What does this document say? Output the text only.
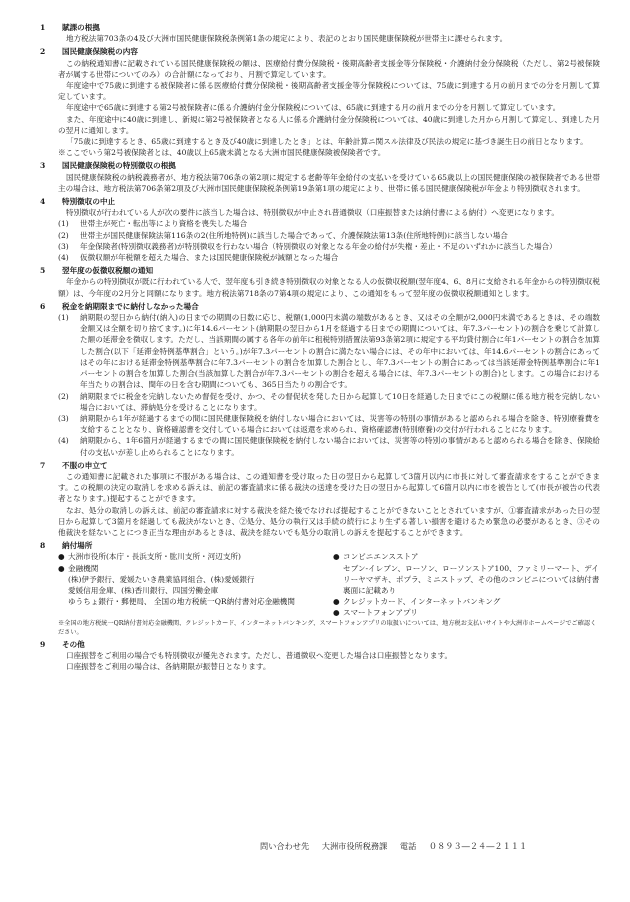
1	賦課の根拠
地方税法第703条の4及び大洲市国民健康保険税条例第1条の規定により、表記のとおり国民健康保険税が世帯主に課せられます。
2	国民健康保険税の内容
この納税通知書に記載されている国民健康保険税の額は、医療給付費分保険税・後期高齢者支援金等分保険税・介護納付金分保険税（ただし、第2号被保険者が属する世帯についてのみ）の合計額になっており、月割で算定しています。
年度途中で75歳に到達する被保険者に係る医療給付費分保険税・後期高齢者支援金等分保険税については、75歳に到達する月の前月までの分を月割して算定しています。
年度途中で65歳に到達する第2号被保険者に係る介護納付金分保険税については、65歳に到達する月の前月までの分を月割して算定しています。
また、年度途中に40歳に到達し、新規に第2号被保険者となる人に係る介護納付金分保険税については、40歳に到達した月から月割して算定し、到達した月の翌月に通知します。
「75歳に到達するとき、65歳に到達するとき及び40歳に到達したとき」とは、年齢計算ニ関スル法律及び民法の規定に基づき誕生日の前日となります。
※ここでいう第2号被保険者とは、40歳以上65歳未満となる大洲市国民健康保険被保険者です。
3	国民健康保険税の特別徴収の根拠
国民健康保険税の納税義務者が、地方税法第706条の第2項に規定する老齢等年金給付の支払いを受けている65歳以上の国民健康保険の被保険者である世帯主の場合は、地方税法第706条第2項及び大洲市国民健康保険税条例第19条第1項の規定により、世帯に係る国民健康保険税が年金より特別徴収されます。
4	特別徴収の中止
特別徴収が行われている人が次の要件に該当した場合は、特別徴収が中止され普通徴収（口座振替または納付書による納付）へ変更になります。
(1)	世帯主が死亡・転出等により資格を喪失した場合
(2)	世帯主が国民健康保険法第116条の2(住所地特例)に該当した場合であって、介護保険法第13条(住所地特例)に該当しない場合
(3)	年金保険者(特別徴収義務者)が特別徴収を行わない場合（特別徴収の対象となる年金の給付が失権・差止・不足のいずれかに該当した場合）
(4)	仮徴収額が年税額を超えた場合、または国民健康保険税が減額となった場合
5	翌年度の仮徴収税額の通知
年金からの特別徴収が既に行われている人で、翌年度も引き続き特別徴収の対象となる人の仮徴収税額(翌年度4、6、8月に支給される年金からの特別徴収税額）は、今年度の2月分と同額になります。地方税法第718条の7第4項の規定により、この通知をもって翌年度の仮徴収税額通知とします。
6	税金を納期限までに納付しなかった場合
(1)	納期限の翌日から納付(納入)の日までの期間の日数に応じ、税額(1,000円未満の端数があるとき、又はその全額が2,000円未満であるときは、その端数金額又は全額を切り捨てます。)に年14.6パーセント(納期限の翌日から1月を経過する日までの期間については、年7.3パーセント)の割合を乗じて計算した額の延滞金を徴収します。ただし、当該期間の属する各年の前年に租税特別措置法第93条第2項に規定する平均貸付割合に年1パーセントの割合を加算した割合(以下「延滞金特例基準割合」という。)が年7.3パーセントの割合に満たない場合には、その年中においては、年14.6パーセントの割合にあってはその年における延滞金特例基準割合に年7.3パーセントの割合を加算した割合とし、年7.3パーセントの割合にあっては当該延滞金特例基準割合に年1パーセントの割合を加算した割合(当該加算した割合が年7.3パーセントの割合を超える場合には、年7.3パーセントの割合)とします。この場合における年当たりの割合は、閏年の日を含む期間についても、365日当たりの割合です。
(2)	納期限までに税金を完納しないため督促を受け、かつ、その督促状を発した日から起算して10日を経過した日までにこの税額に係る地方税を完納しない場合においては、滞納処分を受けることになります。
(3)	納期限から1年が経過するまでの間に国民健康保険税を納付しない場合においては、災害等の特別の事情があると認められる場合を除き、特別療養費を支給することとなり、資格確認書を交付している場合においては返還を求められ、資格確認書(特別療養)の交付が行われることになります。
(4)	納期限から、1年6箇月が経過するまでの間に国民健康保険税を納付しない場合においては、災害等の特別の事情があると認められる場合を除き、保険給付の支払いが差し止められることになります。
7	不服の申立て
この通知書に記載された事項に不服がある場合は、この通知書を受け取った日の翌日から起算して3箇月以内に市長に対して審査請求をすることができます。この税額の決定の取消しを求める訴えは、前記の審査請求に係る裁決の送達を受けた日の翌日から起算して6箇月以内に市を被告として(市長が被告の代表者となります。)提起することができます。
なお、処分の取消しの訴えは、前記の審査請求に対する裁決を経た後でなければ提起することができないこととされていますが、①審査請求があった日の翌日から起算して3箇月を経過しても裁決がないとき、②処分、処分の執行又は手続の続行により生ずる著しい損害を避けるため緊急の必要があるとき、③その他裁決を経ないことにつき正当な理由があるときは、裁決を経ないでも処分の取消しの訴えを提起することができます。
8	納付場所
● 大洲市役所(本庁・長浜支所・肱川支所・河辺支所)
● 金融機関
(株)伊予銀行、愛媛たいき農業協同組合、(株)愛媛銀行
愛媛信用金庫、(株)香川銀行、四国労働金庫
ゆうちょ銀行・郵便局、 全国の地方税統一QR納付書対応金融機関
● コンビニエンスストア
セブン-イレブン、ローソン、ローソンストア100、ファミリーマート、デイリーヤマザキ、ポプラ、ミニストップ、その他のコンビニについては納付書裏面に記載あり
● クレジットカード、インターネットバンキング
● スマートフォンアプリ
※全国の地方税統一QR納付書対応金融機関、クレジットカード、インターネットバンキング、スマートフォンアプリの取扱いについては、地方税お支払いサイトや大洲市ホームページでご確認ください。
9	その他
口座振替をご利用の場合でも特別徴収が優先されます。ただし、普通徴収へ変更した場合は口座振替となります。
口座振替をご利用の場合は、各納期限が振替日となります。
問い合わせ先 大洲市役所税務課 電話 ０８９３―２４―２１１１
